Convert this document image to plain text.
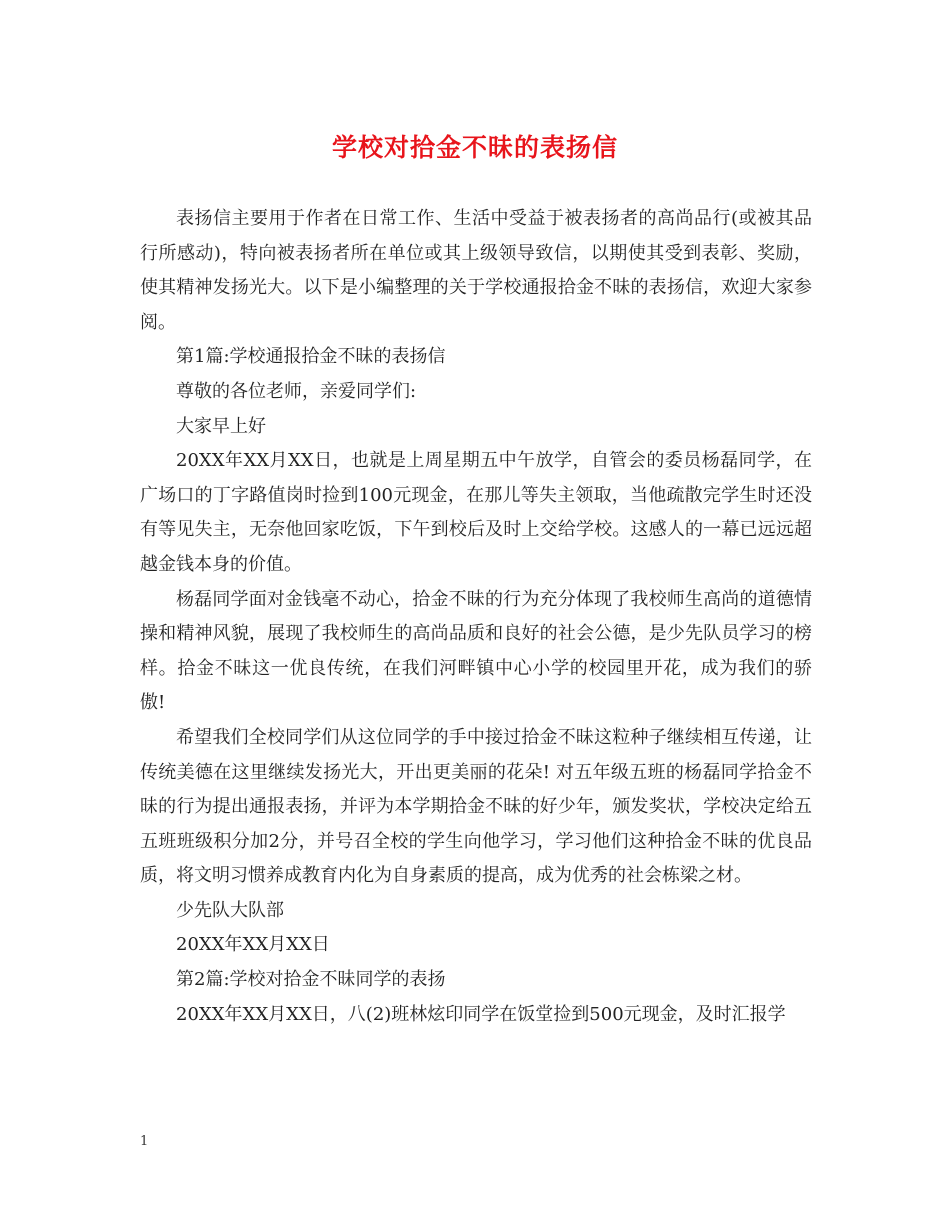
学校对拾金不昧的表扬信

表扬信主要用于作者在日常工作、生活中受益于被表扬者的高尚品行(或被其品行所感动)，特向被表扬者所在单位或其上级领导致信，以期使其受到表彰、奖励，使其精神发扬光大。以下是小编整理的关于学校通报拾金不昧的表扬信，欢迎大家参阅。

第1篇:学校通报拾金不昧的表扬信

尊敬的各位老师，亲爱同学们:

大家早上好

20XX年XX月XX日，也就是上周星期五中午放学，自管会的委员杨磊同学，在广场口的丁字路值岗时捡到100元现金，在那儿等失主领取，当他疏散完学生时还没有等见失主，无奈他回家吃饭，下午到校后及时上交给学校。这感人的一幕已远远超越金钱本身的价值。

杨磊同学面对金钱毫不动心，拾金不昧的行为充分体现了我校师生高尚的道德情操和精神风貌，展现了我校师生的高尚品质和良好的社会公德，是少先队员学习的榜样。拾金不昧这一优良传统，在我们河畔镇中心小学的校园里开花，成为我们的骄傲!

希望我们全校同学们从这位同学的手中接过拾金不昧这粒种子继续相互传递，让传统美德在这里继续发扬光大，开出更美丽的花朵! 对五年级五班的杨磊同学拾金不昧的行为提出通报表扬，并评为本学期拾金不昧的好少年，颁发奖状，学校决定给五五班班级积分加2分，并号召全校的学生向他学习，学习他们这种拾金不昧的优良品质，将文明习惯养成教育内化为自身素质的提高，成为优秀的社会栋梁之材。

少先队大队部

20XX年XX月XX日

第2篇:学校对拾金不昧同学的表扬

20XX年XX月XX日，八(2)班林炫印同学在饭堂捡到500元现金，及时汇报学

1
